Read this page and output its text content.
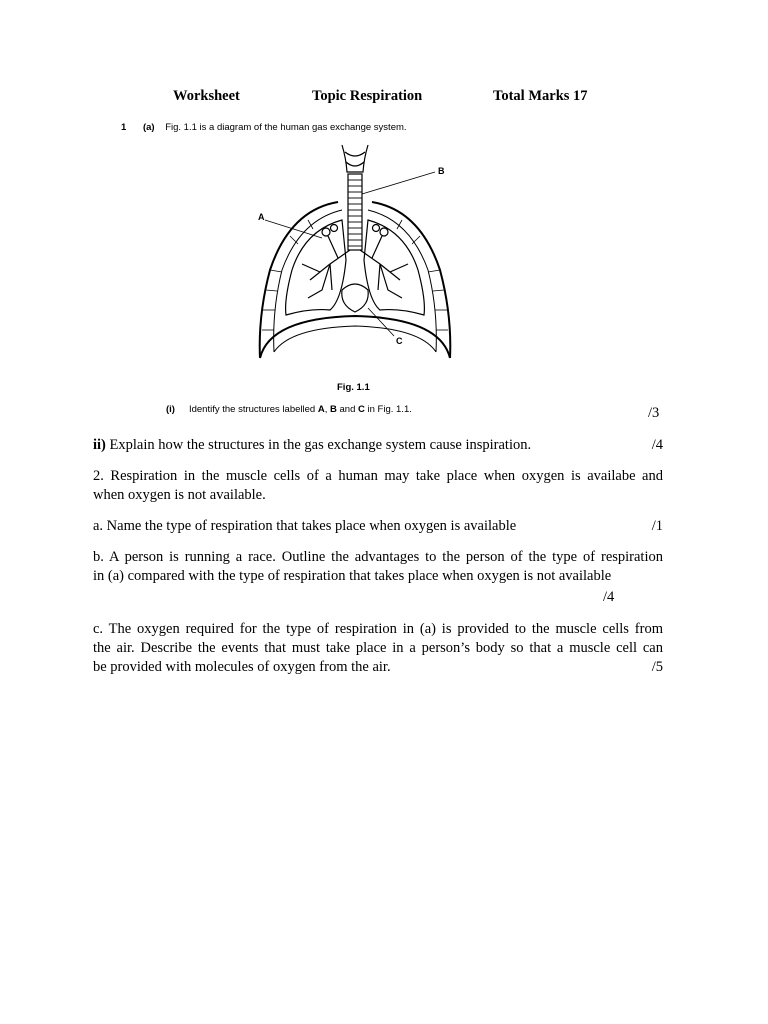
Worksheet	Topic Respiration	Total Marks 17
1 (a) Fig. 1.1 is a diagram of the human gas exchange system.
A
B
C
Fig. 1.1
(i) Identify the structures labelled A, B and C in Fig. 1.1.	/3
ii) Explain how the structures in the gas exchange system cause inspiration.	/4
2. Respiration in the muscle cells of a human may take place when oxygen is availabe and
when oxygen is not available.
a. Name the type of respiration that takes place when oxygen is available	/1
b. A person is running a race. Outline the advantages to the person of the type of respiration
in (a) compared with the type of respiration that takes place when oxygen is not available
/4
c. The oxygen required for the type of respiration in (a) is provided to the muscle cells from
the air. Describe the events that must take place in a person’s body so that a muscle cell can
be provided with molecules of oxygen from the air.	/5
